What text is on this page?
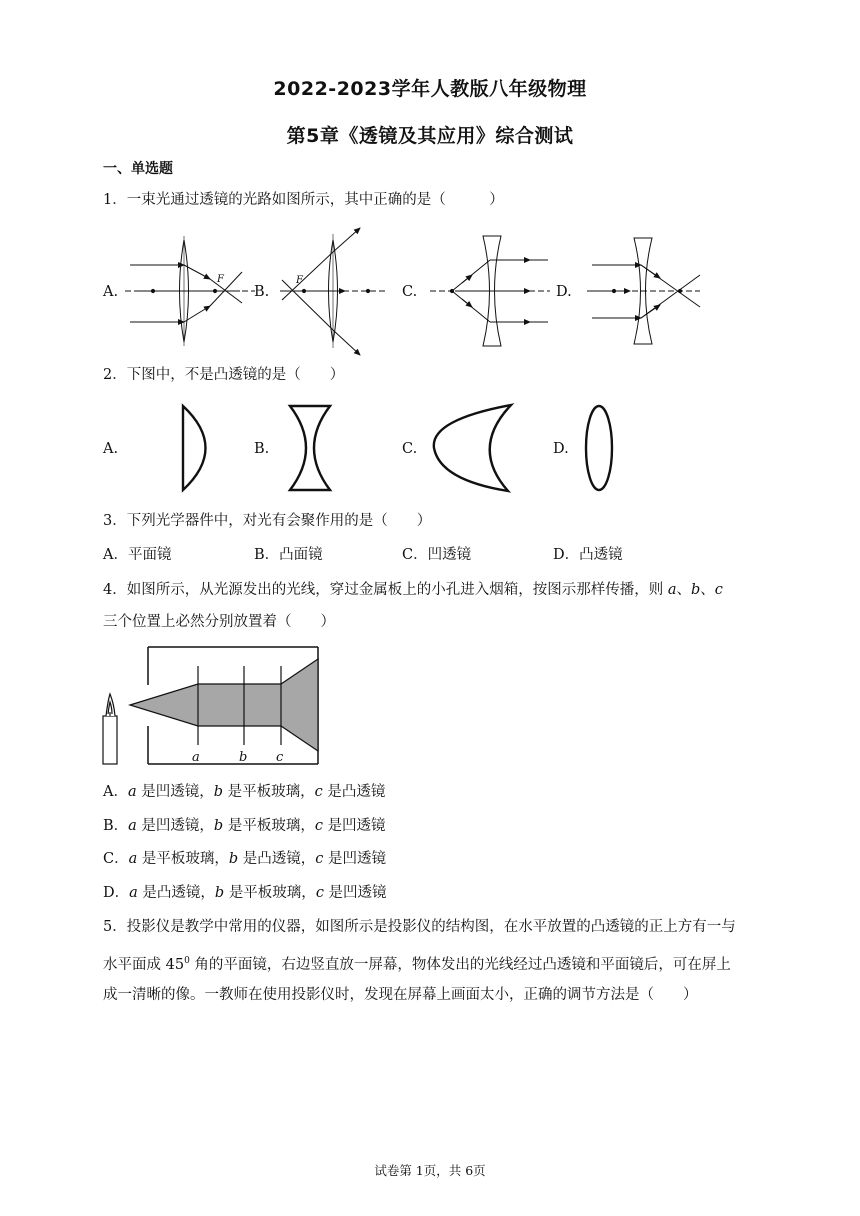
2022-2023学年人教版八年级物理
第5章《透镜及其应用》综合测试
一、单选题
1．一束光通过透镜的光路如图所示，其中正确的是（　　　）
A.	B.	C.	D.
F	F
2．下图中，不是凸透镜的是（　　）
A.	B.	C.	D.
3．下列光学器件中，对光有会聚作用的是（　　）
A．平面镜	B．凸面镜	C．凹透镜	D．凸透镜
4．如图所示，从光源发出的光线，穿过金属板上的小孔进入烟箱，按图示那样传播，则 a、b、c
三个位置上必然分别放置着（　　）
a	b c
A．a 是凹透镜，b 是平板玻璃，c 是凸透镜
B．a 是凹透镜，b 是平板玻璃，c 是凹透镜
C．a 是平板玻璃，b 是凸透镜，c 是凹透镜
D．a 是凸透镜，b 是平板玻璃，c 是凹透镜
5．投影仪是教学中常用的仪器，如图所示是投影仪的结构图，在水平放置的凸透镜的正上方有一与
水平面成 $45^0$ 角的平面镜，右边竖直放一屏幕，物体发出的光线经过凸透镜和平面镜后，可在屏上
成一清晰的像。一教师在使用投影仪时，发现在屏幕上画面太小，正确的调节方法是（　　）
试卷第 1页，共 6页
